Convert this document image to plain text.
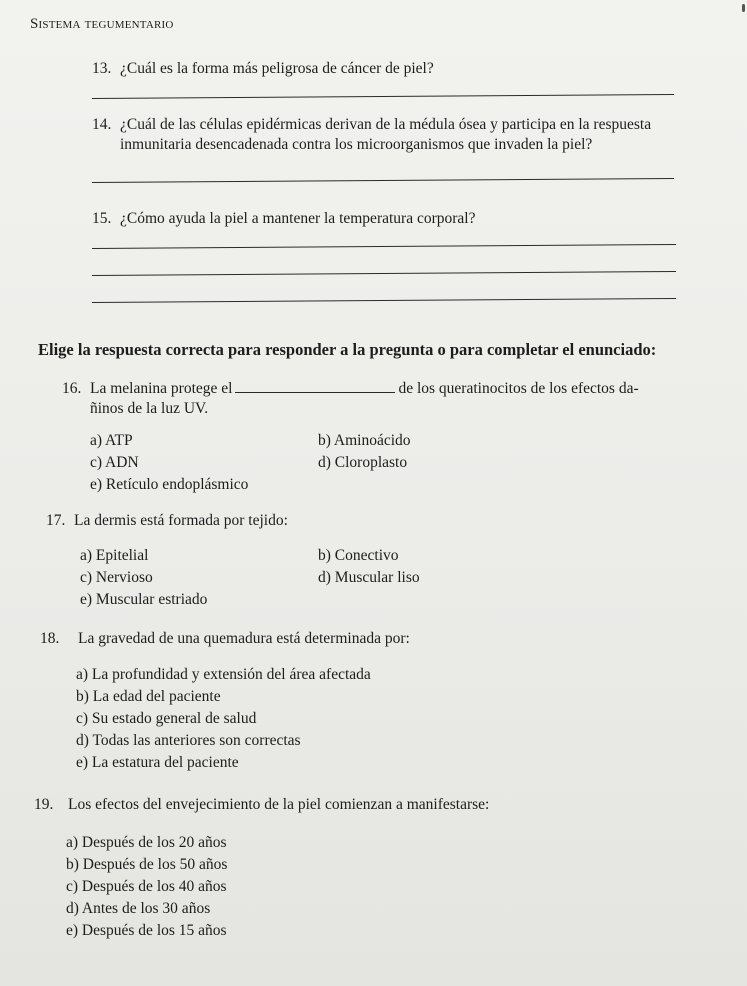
Sistema tegumentario
13. ¿Cuál es la forma más peligrosa de cáncer de piel?
14. ¿Cuál de las células epidérmicas derivan de la médula ósea y participa en la respuesta
inmunitaria desencadenada contra los microorganismos que invaden la piel?
15. ¿Cómo ayuda la piel a mantener la temperatura corporal?
Elige la respuesta correcta para responder a la pregunta o para completar el enunciado:
16. La melanina protege el	de los queratinocitos de los efectos da-
ñinos de la luz UV.
a) ATP	b) Aminoácido
c) ADN	d) Cloroplasto
e) Retículo endoplásmico
17. La dermis está formada por tejido:
a) Epitelial	b) Conectivo
c) Nervioso	d) Muscular liso
e) Muscular estriado
18. La gravedad de una quemadura está determinada por:
a) La profundidad y extensión del área afectada
b) La edad del paciente
c) Su estado general de salud
d) Todas las anteriores son correctas
e) La estatura del paciente
19. Los efectos del envejecimiento de la piel comienzan a manifestarse:
a) Después de los 20 años
b) Después de los 50 años
c) Después de los 40 años
d) Antes de los 30 años
e) Después de los 15 años
